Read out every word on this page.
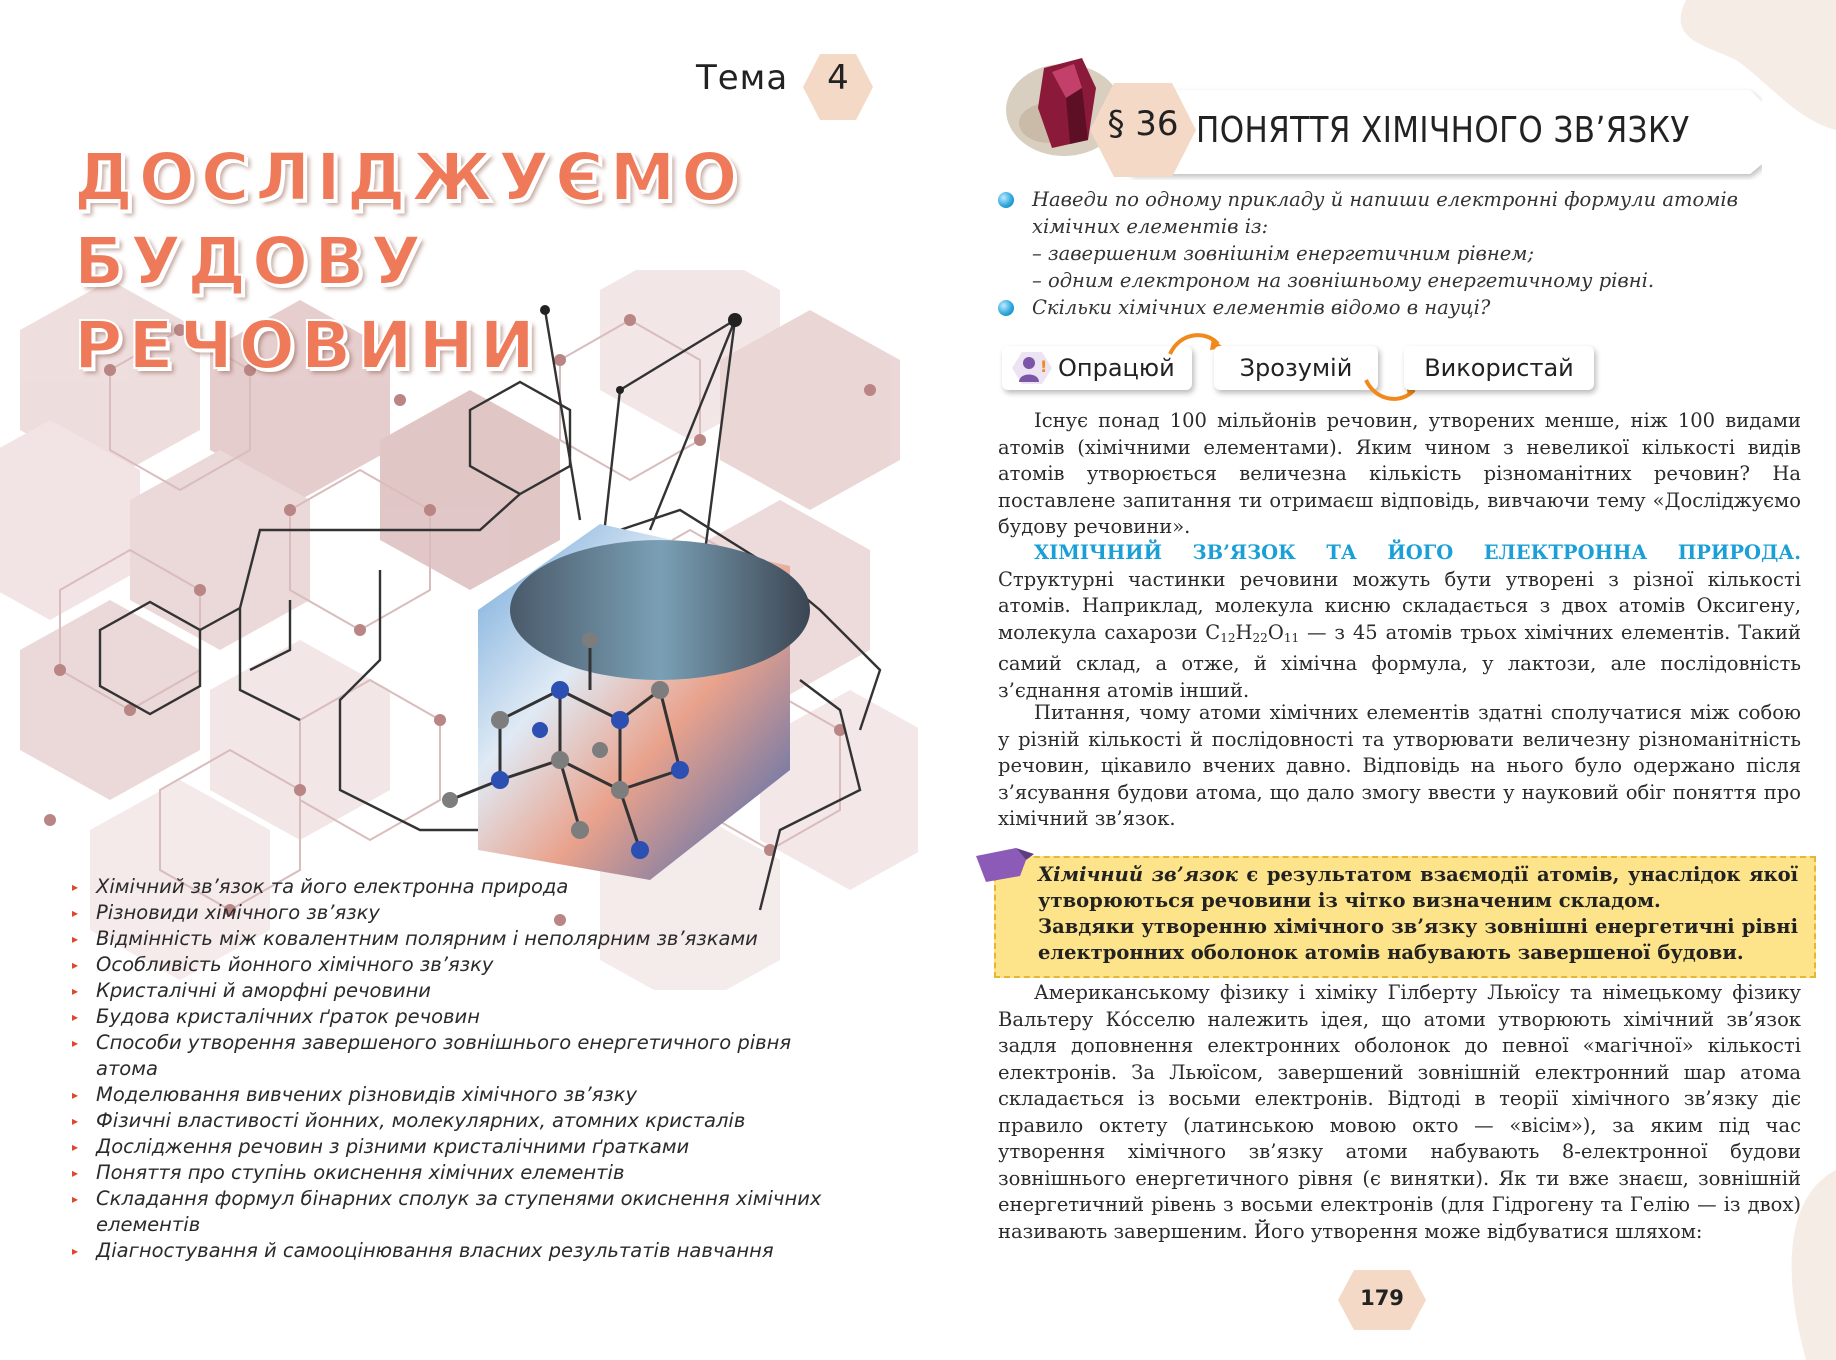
Тема	4
ДОСЛІДЖУЄМО
БУДОВУ РЕЧОВИНИ
▸ Хімічний зв’язок та його електронна природа
▸ Різновиди хімічного зв’язку
▸ Відмінність між ковалентним полярним і неполярним зв’язками
▸ Особливість йонного хімічного зв’язку
▸ Кристалічні й аморфні речовини
▸ Будова кристалічних ґраток речовин
▸ Способи утворення завершеного зовнішнього енергетичного рівня атома
▸ Моделювання вивчених різновидів хімічного зв’язку
▸ Фізичні властивості йонних, молекулярних, атомних кристалів
▸ Дослідження речовин з різними кристалічними ґратками
▸ Поняття про ступінь окиснення хімічних елементів
▸ Складання формул бінарних сполук за ступенями окиснення хімічних елементів
▸ Діагностування й самооцінювання власних результатів навчання
§ 36 ПОНЯТТЯ ХІМІЧНОГО ЗВ’ЯЗКУ
Наведи по одному прикладу й напиши електронні формули атомів хімічних елементів із:
– завершеним зовнішнім енергетичним рівнем;
– одним електроном на зовнішньому енергетичному рівні.
Скільки хімічних елементів відомо в науці?
! Опрацюй	Зрозумій	Використай

Існує понад 100 мільйонів речовин, утворених менше, ніж 100 видами атомів (хімічними елементами). Яким чином з невеликої кількості видів атомів утворюється величезна кількість різноманітних речовин? На поставлене запитання ти отримаєш відповідь, вивчаючи тему «Досліджуємо будову речовини».

ХІМІЧНИЙ ЗВ’ЯЗОК ТА ЙОГО ЕЛЕКТРОННА ПРИРОДА. Структурні частинки речовини можуть бути утворені з різної кількості атомів. Наприклад, молекула кисню складається з двох атомів Оксигену, молекула сахарози $C_{12}H_{22}O_{11}$ — з 45 атомів трьох хімічних елементів. Такий самий склад, а отже, й хімічна формула, у лактози, але послідовність з’єднання атомів інший.

Питання, чому атоми хімічних елементів здатні сполучатися між собою у різній кількості й послідовності та утворювати величезну різноманітність речовин, цікавило вчених давно. Відповідь на нього було одержано після з’ясування будови атома, що дало змогу ввести у науковий обіг поняття про хімічний зв’язок.

Хімічний зв’язок є результатом взаємодії атомів, унаслідок якої утворюються речовини із чітко визначеним складом.
Завдяки утворенню хімічного зв’язку зовнішні енергетичні рівні електронних оболонок атомів набувають завершеної будови.

Американському фізику і хіміку Гілберту Льюїсу та німецькому фізику Вальтеру Ко́сселю належить ідея, що атоми утворюють хімічний зв’язок задля доповнення електронних оболонок до певної «магічної» кількості електронів. За Льюїсом, завершений зовнішній електронний шар атома складається із восьми електронів. Відтоді в теорії хімічного зв’язку діє правило октету (латинською мовою окто — «вісім»), за яким під час утворення хімічного зв’язку атоми набувають 8-електронної будови зовнішнього енергетичного рівня (є винятки). Як ти вже знаєш, зовнішній енергетичний рівень з восьми електронів (для Гідрогену та Гелію — із двох) називають завершеним. Його утворення може відбуватися шляхом:

179
